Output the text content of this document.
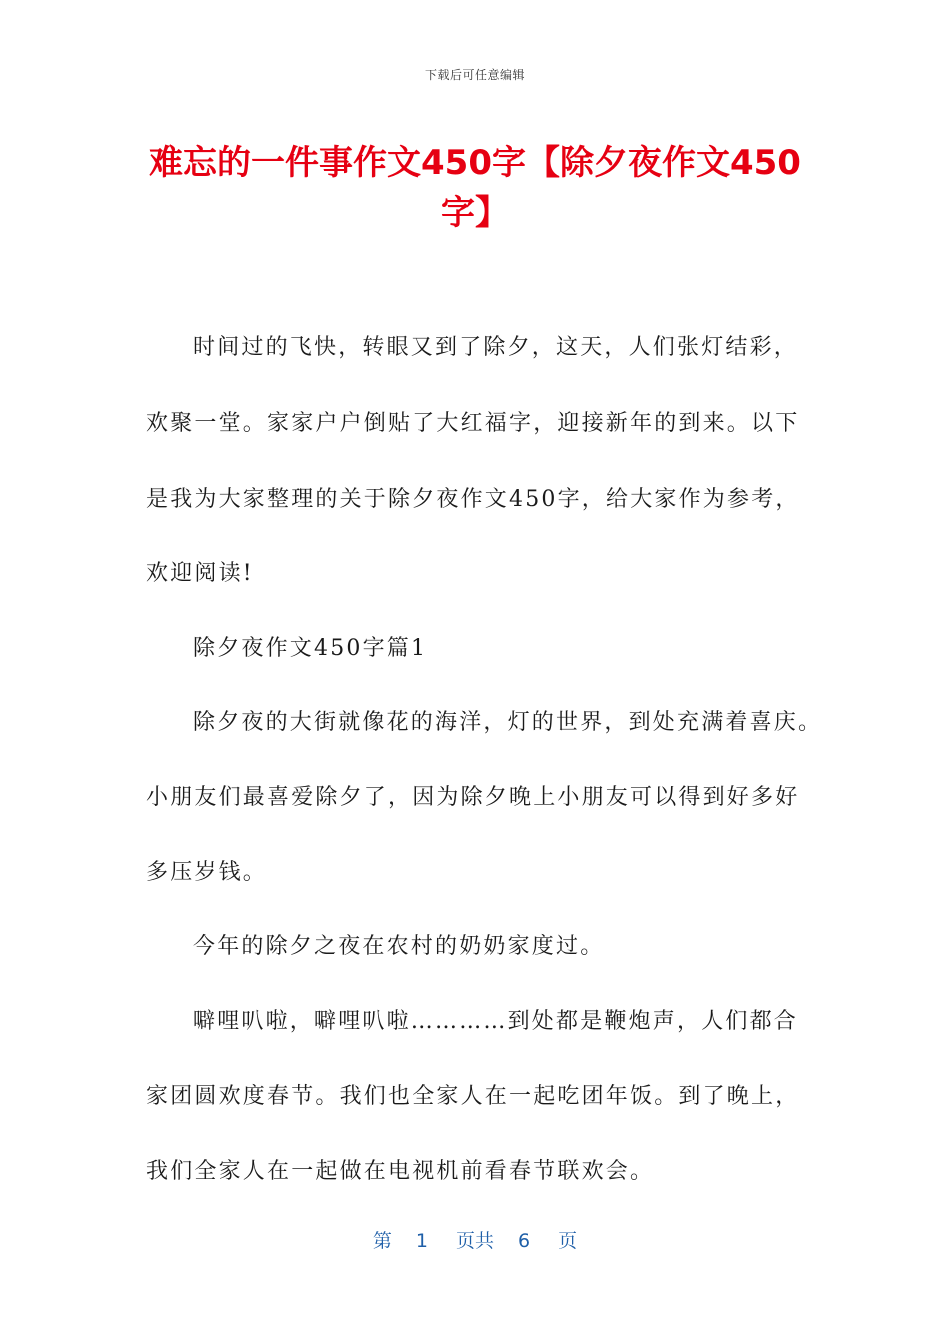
下载后可任意编辑
难忘的一件事作文450字【除夕夜作文450字】
时间过的飞快，转眼又到了除夕，这天，人们张灯结彩，
欢聚一堂。家家户户倒贴了大红福字，迎接新年的到来。以下
是我为大家整理的关于除夕夜作文450字，给大家作为参考，
欢迎阅读!
除夕夜作文450字篇1
除夕夜的大街就像花的海洋，灯的世界，到处充满着喜庆。
小朋友们最喜爱除夕了，因为除夕晚上小朋友可以得到好多好
多压岁钱。
今年的除夕之夜在农村的奶奶家度过。
噼哩叭啦，噼哩叭啦…………到处都是鞭炮声，人们都合
家团圆欢度春节。我们也全家人在一起吃团年饭。到了晚上，
我们全家人在一起做在电视机前看春节联欢会。
第 1 页共 6 页
